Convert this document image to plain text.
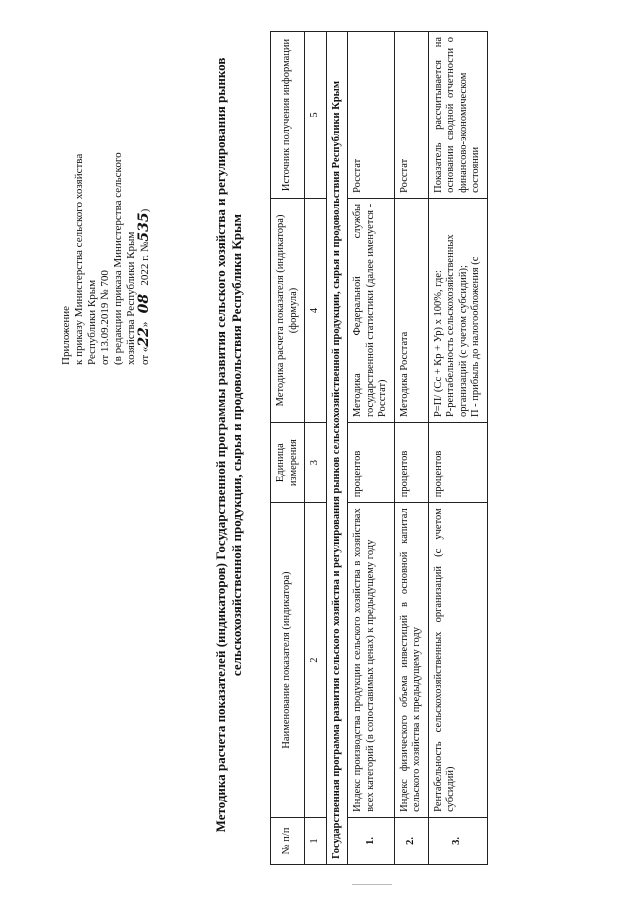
Приложение к приказу Министерства сельского хозяйства Республики Крым от 13.09.2019 № 700 (в редакции приказа Министерства сельского хозяйства Республики Крым от «22»   08   2022 г. №535)	Методика расчета показателей (индикаторов) Государственной программы развития сельского хозяйства и регулирования рынков сельскохозяйственной продукции, сырья и продовольствия Республики Крым
№ п/п	Наименование показателя (индикатора)	Единица измерения	Методика расчета показателя (индикатора) (формула)	Источник получения информации
1	2	3	4	5
Государственная программа развития сельского хозяйства и регулирования рынков сельскохозяйственной продукции, сырья и продовольствия Республики Крым				
1.	Индекс производства продукции сельского хозяйства в хозяйствах всех категорий (в сопоставимых ценах) к предыдущему году	процентов	Методика Федеральной службы государственной статистики (далее именуется - Росстат)	Росстат
2.	Индекс физического объема инвестиций в основной капитал сельского хозяйства к предыдущему году	процентов	Методика Росстата	Росстат
3.	Рентабельность сельскохозяйственных организаций (с учетом субсидий)	процентов	Р=П/ (Сс + Кр + Ур) х 100%, где: Р-рентабельность сельскохозяйственных организаций (с учетом субсидий); П - прибыль до налогообложения (с	Показатель рассчитывается на основании сводной отчетности о финансово-экономическом состоянии
